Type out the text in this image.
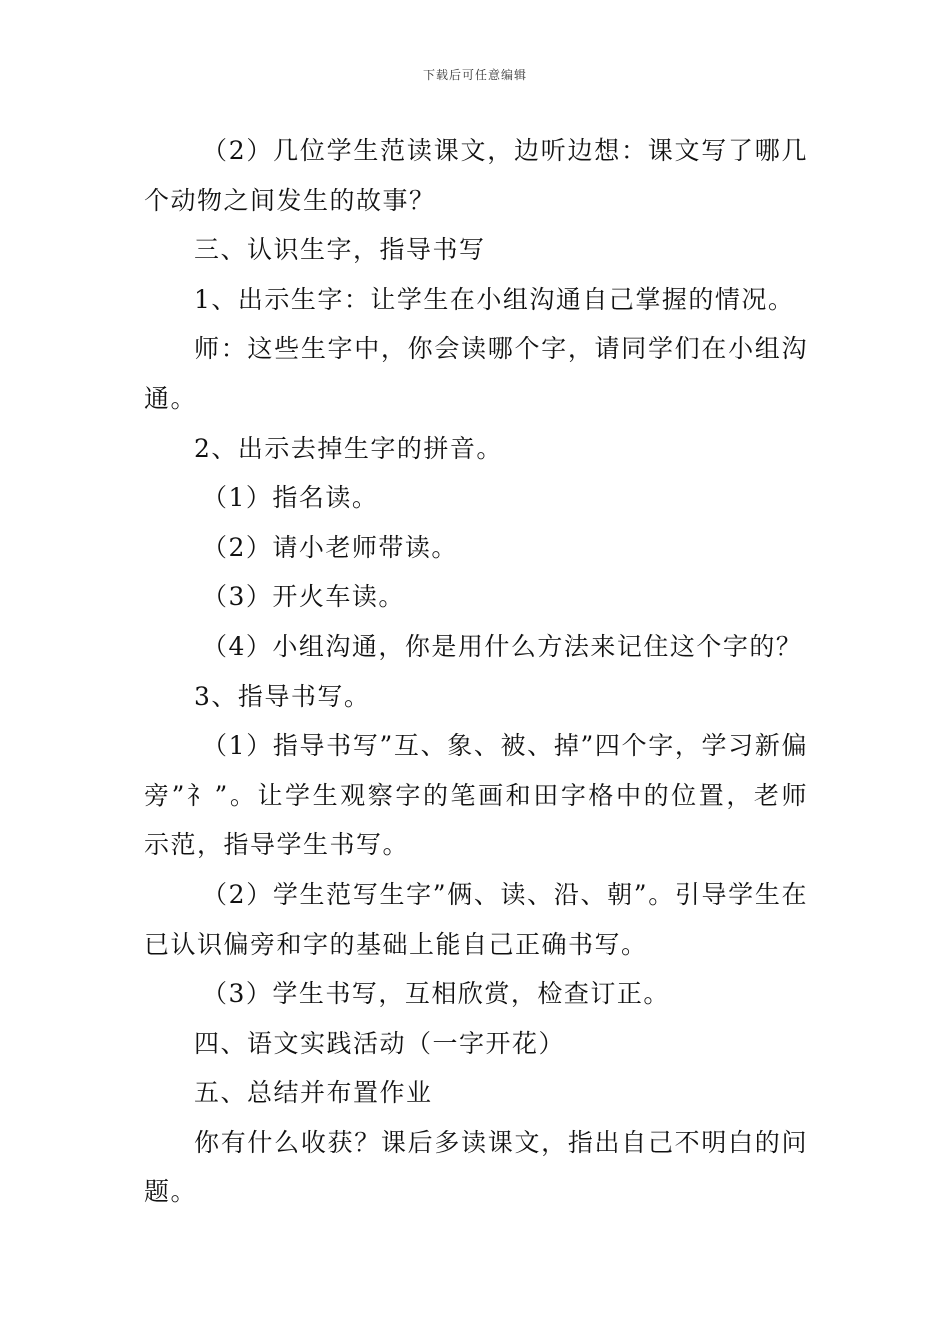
下载后可任意编辑

（2）几位学生范读课文，边听边想：课文写了哪几个动物之间发生的故事？

三、认识生字，指导书写

1、出示生字：让学生在小组沟通自己掌握的情况。

师：这些生字中，你会读哪个字，请同学们在小组沟通。

2、出示去掉生字的拼音。

（1）指名读。

（2）请小老师带读。

（3）开火车读。

（4）小组沟通，你是用什么方法来记住这个字的？

3、指导书写。

（1）指导书写”互、象、被、掉”四个字，学习新偏旁”礻”。让学生观察字的笔画和田字格中的位置，老师示范，指导学生书写。

（2）学生范写生字”俩、读、沿、朝”。引导学生在已认识偏旁和字的基础上能自己正确书写。

（3）学生书写，互相欣赏，检查订正。

四、语文实践活动（一字开花）

五、总结并布置作业

你有什么收获？课后多读课文，指出自己不明白的问题。
